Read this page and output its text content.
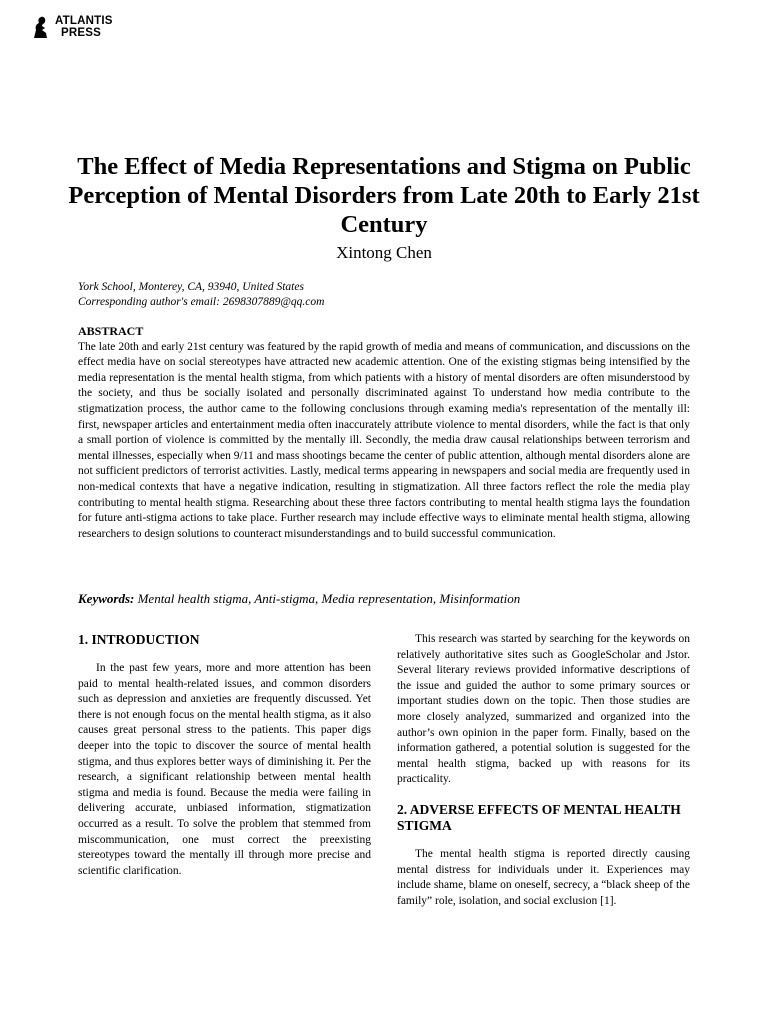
ATLANTIS
PRESS
The Effect of Media Representations and Stigma on Public Perception of Mental Disorders from Late 20th to Early 21st Century
Xintong Chen
York School, Monterey, CA, 93940, United States
Corresponding author's email: 2698307889@qq.com
ABSTRACT
The late 20th and early 21st century was featured by the rapid growth of media and means of communication, and discussions on the effect media have on social stereotypes have attracted new academic attention. One of the existing stigmas being intensified by the media representation is the mental health stigma, from which patients with a history of mental disorders are often misunderstood by the society, and thus be socially isolated and personally discriminated against To understand how media contribute to the stigmatization process, the author came to the following conclusions through examing media's representation of the mentally ill: first, newspaper articles and entertainment media often inaccurately attribute violence to mental disorders, while the fact is that only a small portion of violence is committed by the mentally ill. Secondly, the media draw causal relationships between terrorism and mental illnesses, especially when 9/11 and mass shootings became the center of public attention, although mental disorders alone are not sufficient predictors of terrorist activities. Lastly, medical terms appearing in newspapers and social media are frequently used in non-medical contexts that have a negative indication, resulting in stigmatization. All three factors reflect the role the media play contributing to mental health stigma. Researching about these three factors contributing to mental health stigma lays the foundation for future anti-stigma actions to take place. Further research may include effective ways to eliminate mental health stigma, allowing researchers to design solutions to counteract misunderstandings and to build successful communication.
Keywords: Mental health stigma, Anti-stigma, Media representation, Misinformation
1. INTRODUCTION

In the past few years, more and more attention has been paid to mental health-related issues, and common disorders such as depression and anxieties are frequently discussed. Yet there is not enough focus on the mental health stigma, as it also causes great personal stress to the patients. This paper digs deeper into the topic to discover the source of mental health stigma, and thus explores better ways of diminishing it. Per the research, a significant relationship between mental health stigma and media is found. Because the media were failing in delivering accurate, unbiased information, stigmatization occurred as a result. To solve the problem that stemmed from miscommunication, one must correct the preexisting stereotypes toward the mentally ill through more precise and scientific clarification.

This research was started by searching for the keywords on relatively authoritative sites such as GoogleScholar and Jstor. Several literary reviews provided informative descriptions of the issue and guided the author to some primary sources or important studies down on the topic. Then those studies are more closely analyzed, summarized and organized into the author’s own opinion in the paper form. Finally, based on the information gathered, a potential solution is suggested for the mental health stigma, backed up with reasons for its practicality.

2. ADVERSE EFFECTS OF MENTAL HEALTH STIGMA

The mental health stigma is reported directly causing mental distress for individuals under it. Experiences may include shame, blame on oneself, secrecy, a “black sheep of the family” role, isolation, and social exclusion [1].
